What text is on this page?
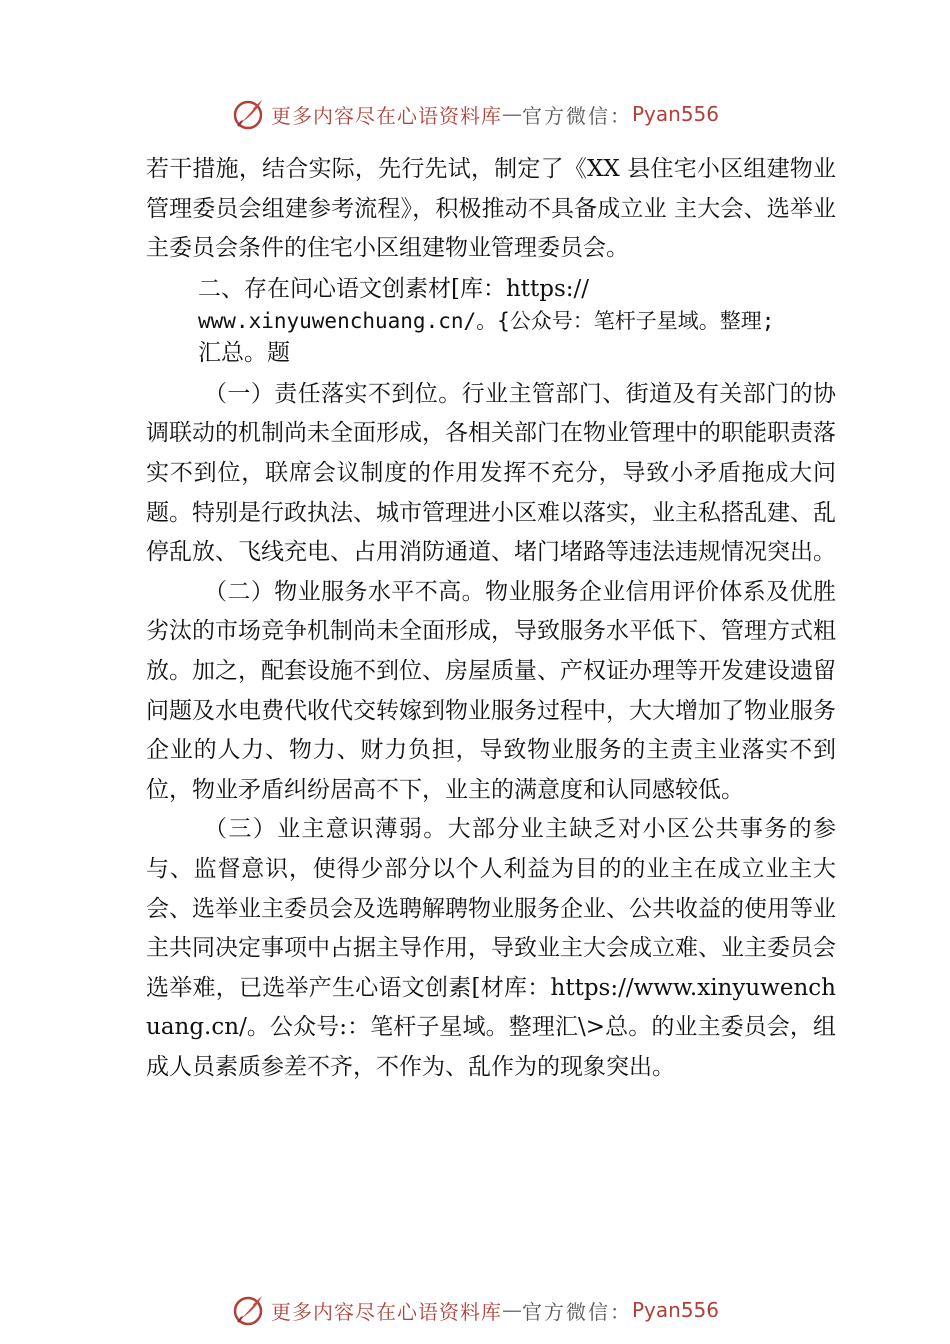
更多内容尽在心语资料库 — 官方微信： Pyan556

若干措施，结合实际，先行先试，制定了《XX 县住宅小区组建物业管理委员会组建参考流程》，积极推动不具备成立业 主大会、选举业主委员会条件的住宅小区组建物业管理委员会。

二、存在问心语文创素材[库：https://
www.xinyuwenchuang.cn/。{公众号：笔杆子星域。整理;
汇总。题

（一）责任落实不到位。行业主管部门、街道及有关部门的协调联动的机制尚未全面形成，各相关部门在物业管理中的职能职责落实不到位，联席会议制度的作用发挥不充分，导致小矛盾拖成大问题。特别是行政执法、城市管理进小区难以落实，业主私搭乱建、乱停乱放、飞线充电、占用消防通道、堵门堵路等违法违规情况突出。

（二）物业服务水平不高。物业服务企业信用评价体系及优胜劣汰的市场竞争机制尚未全面形成，导致服务水平低下、管理方式粗放。加之，配套设施不到位、房屋质量、产权证办理等开发建设遗留问题及水电费代收代交转嫁到物业服务过程中，大大增加了物业服务企业的人力、物力、财力负担，导致物业服务的主责主业落实不到位，物业矛盾纠纷居高不下，业主的满意度和认同感较低。

（三）业主意识薄弱。大部分业主缺乏对小区公共事务的参与、监督意识，使得少部分以个人利益为目的的业主在成立业主大会、选举业主委员会及选聘解聘物业服务企业、公共收益的使用等业主共同决定事项中占据主导作用，导致业主大会成立难、业主委员会选举难，已选举产生心语文创素[材库：https://www.xinyuwenchuang.cn/。公众号:：笔杆子星域。整理汇\>总。的业主委员会，组成人员素质参差不齐，不作为、乱作为的现象突出。

更多内容尽在心语资料库 — 官方微信： Pyan556
